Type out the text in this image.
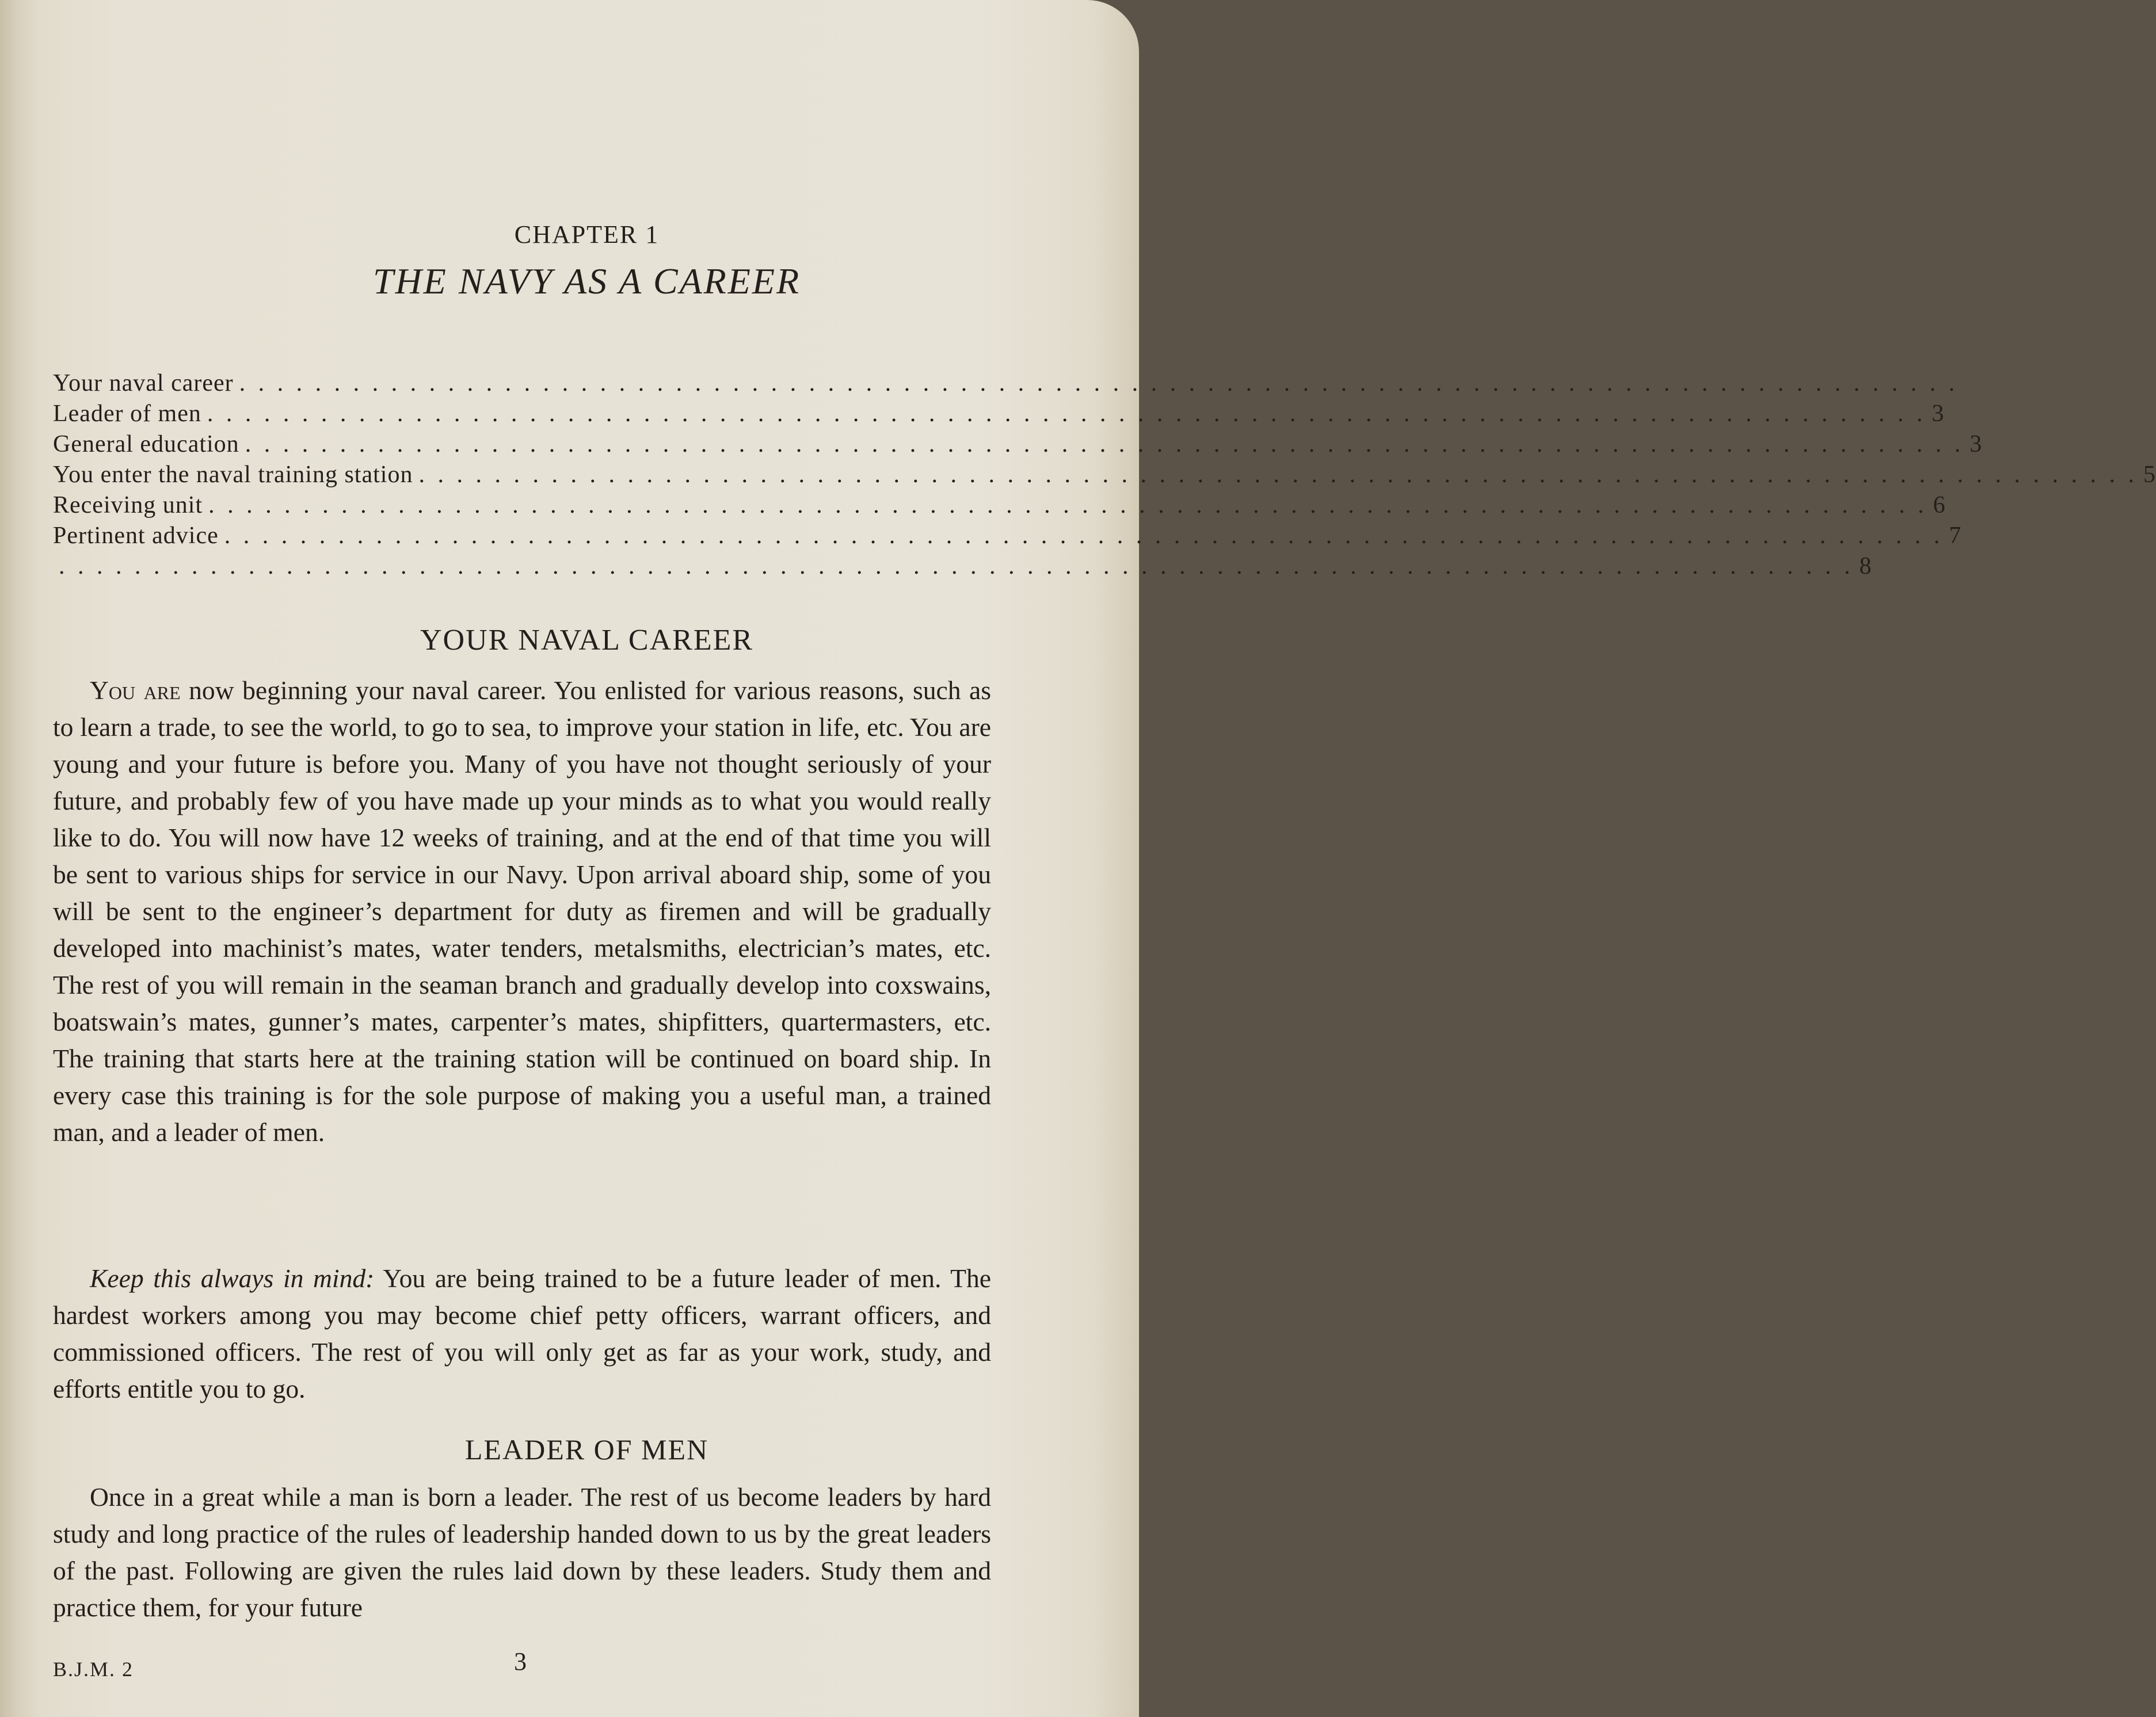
CHAPTER 1
THE NAVY AS A CAREER
Your naval career . . . . . . . . . . . . . . . . . . . . . . . . . . . . . . . . . . . . . . . . . . . . . . . . . . . . . . . . . . . . . . . . . . . . . . . . . . . . . . . . . . . . . . . . . . .
Leader of men . . . . . . . . . . . . . . . . . . . . . . . . . . . . . . . . . . . . . . . . . . . . . . . . . . . . . . . . . . . . . . . . . . . . . . . . . . . . . . . . . . . . . . . . . . . 3
General education . . . . . . . . . . . . . . . . . . . . . . . . . . . . . . . . . . . . . . . . . . . . . . . . . . . . . . . . . . . . . . . . . . . . . . . . . . . . . . . . . . . . . . . . . . . 3
You enter the naval training station . . . . . . . . . . . . . . . . . . . . . . . . . . . . . . . . . . . . . . . . . . . . . . . . . . . . . . . . . . . . . . . . . . . . . . . . . . . . . . . . . . . . . . . . . . . 5
Receiving unit . . . . . . . . . . . . . . . . . . . . . . . . . . . . . . . . . . . . . . . . . . . . . . . . . . . . . . . . . . . . . . . . . . . . . . . . . . . . . . . . . . . . . . . . . . . 6
Pertinent advice . . . . . . . . . . . . . . . . . . . . . . . . . . . . . . . . . . . . . . . . . . . . . . . . . . . . . . . . . . . . . . . . . . . . . . . . . . . . . . . . . . . . . . . . . . . 7
. . . . . . . . . . . . . . . . . . . . . . . . . . . . . . . . . . . . . . . . . . . . . . . . . . . . . . . . . . . . . . . . . . . . . . . . . . . . . . . . . . . . . . . . . . . . . . . 8
YOUR NAVAL CAREER

You are now beginning your naval career. You enlisted for various reasons, such as to learn a trade, to see the world, to go to sea, to improve your station in life, etc. You are young and your future is before you. Many of you have not thought seriously of your future, and probably few of you have made up your minds as to what you would really like to do. You will now have 12 weeks of training, and at the end of that time you will be sent to various ships for service in our Navy. Upon arrival aboard ship, some of you will be sent to the engineer’s department for duty as firemen and will be gradually developed into machinist’s mates, water tenders, metalsmiths, electrician’s mates, etc. The rest of you will remain in the seaman branch and gradually develop into coxswains, boatswain’s mates, gunner’s mates, carpenter’s mates, shipfitters, quartermasters, etc. The training that starts here at the training station will be continued on board ship. In every case this training is for the sole purpose of making you a useful man, a trained man, and a leader of men.

Keep this always in mind: You are being trained to be a future leader of men. The hardest workers among you may become chief petty officers, warrant officers, and commissioned officers. The rest of you will only get as far as your work, study, and efforts entitle you to go.

LEADER OF MEN

Once in a great while a man is born a leader. The rest of us become leaders by hard study and long practice of the rules of leadership handed down to us by the great leaders of the past. Following are given the rules laid down by these leaders. Study them and practice them, for your future

B.J.M. 2	3
